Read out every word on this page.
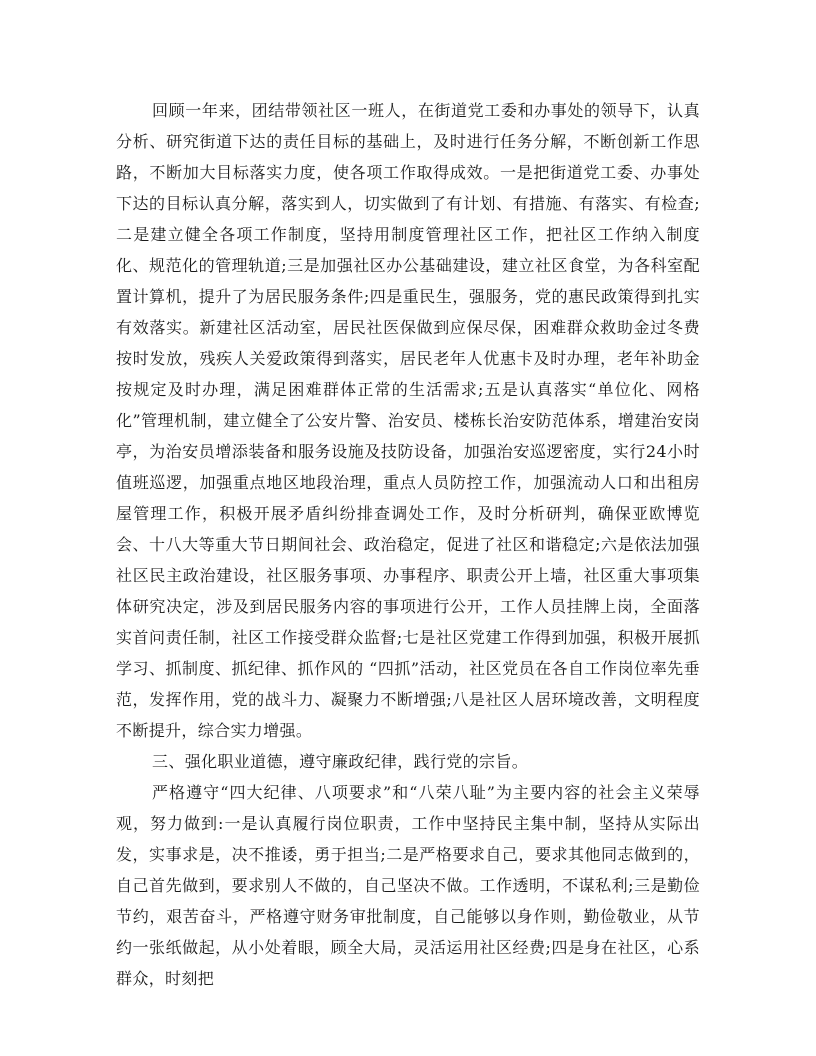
回顾一年来，团结带领社区一班人，在街道党工委和办事处的领导下，认真分析、研究街道下达的责任目标的基础上，及时进行任务分解，不断创新工作思路，不断加大目标落实力度，使各项工作取得成效。一是把街道党工委、办事处下达的目标认真分解，落实到人，切实做到了有计划、有措施、有落实、有检查;二是建立健全各项工作制度，坚持用制度管理社区工作，把社区工作纳入制度化、规范化的管理轨道;三是加强社区办公基础建设，建立社区食堂，为各科室配置计算机，提升了为居民服务条件;四是重民生，强服务，党的惠民政策得到扎实有效落实。新建社区活动室，居民社医保做到应保尽保，困难群众救助金过冬费按时发放，残疾人关爱政策得到落实，居民老年人优惠卡及时办理，老年补助金按规定及时办理，满足困难群体正常的生活需求;五是认真落实“单位化、网格化”管理机制，建立健全了公安片警、治安员、楼栋长治安防范体系，增建治安岗亭，为治安员增添装备和服务设施及技防设备，加强治安巡逻密度，实行24小时值班巡逻，加强重点地区地段治理，重点人员防控工作，加强流动人口和出租房屋管理工作，积极开展矛盾纠纷排查调处工作，及时分析研判，确保亚欧博览会、十八大等重大节日期间社会、政治稳定，促进了社区和谐稳定;六是依法加强社区民主政治建设，社区服务事项、办事程序、职责公开上墙，社区重大事项集体研究决定，涉及到居民服务内容的事项进行公开，工作人员挂牌上岗，全面落实首问责任制，社区工作接受群众监督;七是社区党建工作得到加强，积极开展抓学习、抓制度、抓纪律、抓作风的 “四抓”活动，社区党员在各自工作岗位率先垂范，发挥作用，党的战斗力、凝聚力不断增强;八是社区人居环境改善，文明程度不断提升，综合实力增强。

三、强化职业道德，遵守廉政纪律，践行党的宗旨。

严格遵守“四大纪律、八项要求”和“八荣八耻”为主要内容的社会主义荣辱观，努力做到:一是认真履行岗位职责，工作中坚持民主集中制，坚持从实际出发，实事求是，决不推诿，勇于担当;二是严格要求自己，要求其他同志做到的，自己首先做到，要求别人不做的，自己坚决不做。工作透明，不谋私利;三是勤俭节约，艰苦奋斗，严格遵守财务审批制度，自己能够以身作则，勤俭敬业，从节约一张纸做起，从小处着眼，顾全大局，灵活运用社区经费;四是身在社区，心系群众，时刻把
